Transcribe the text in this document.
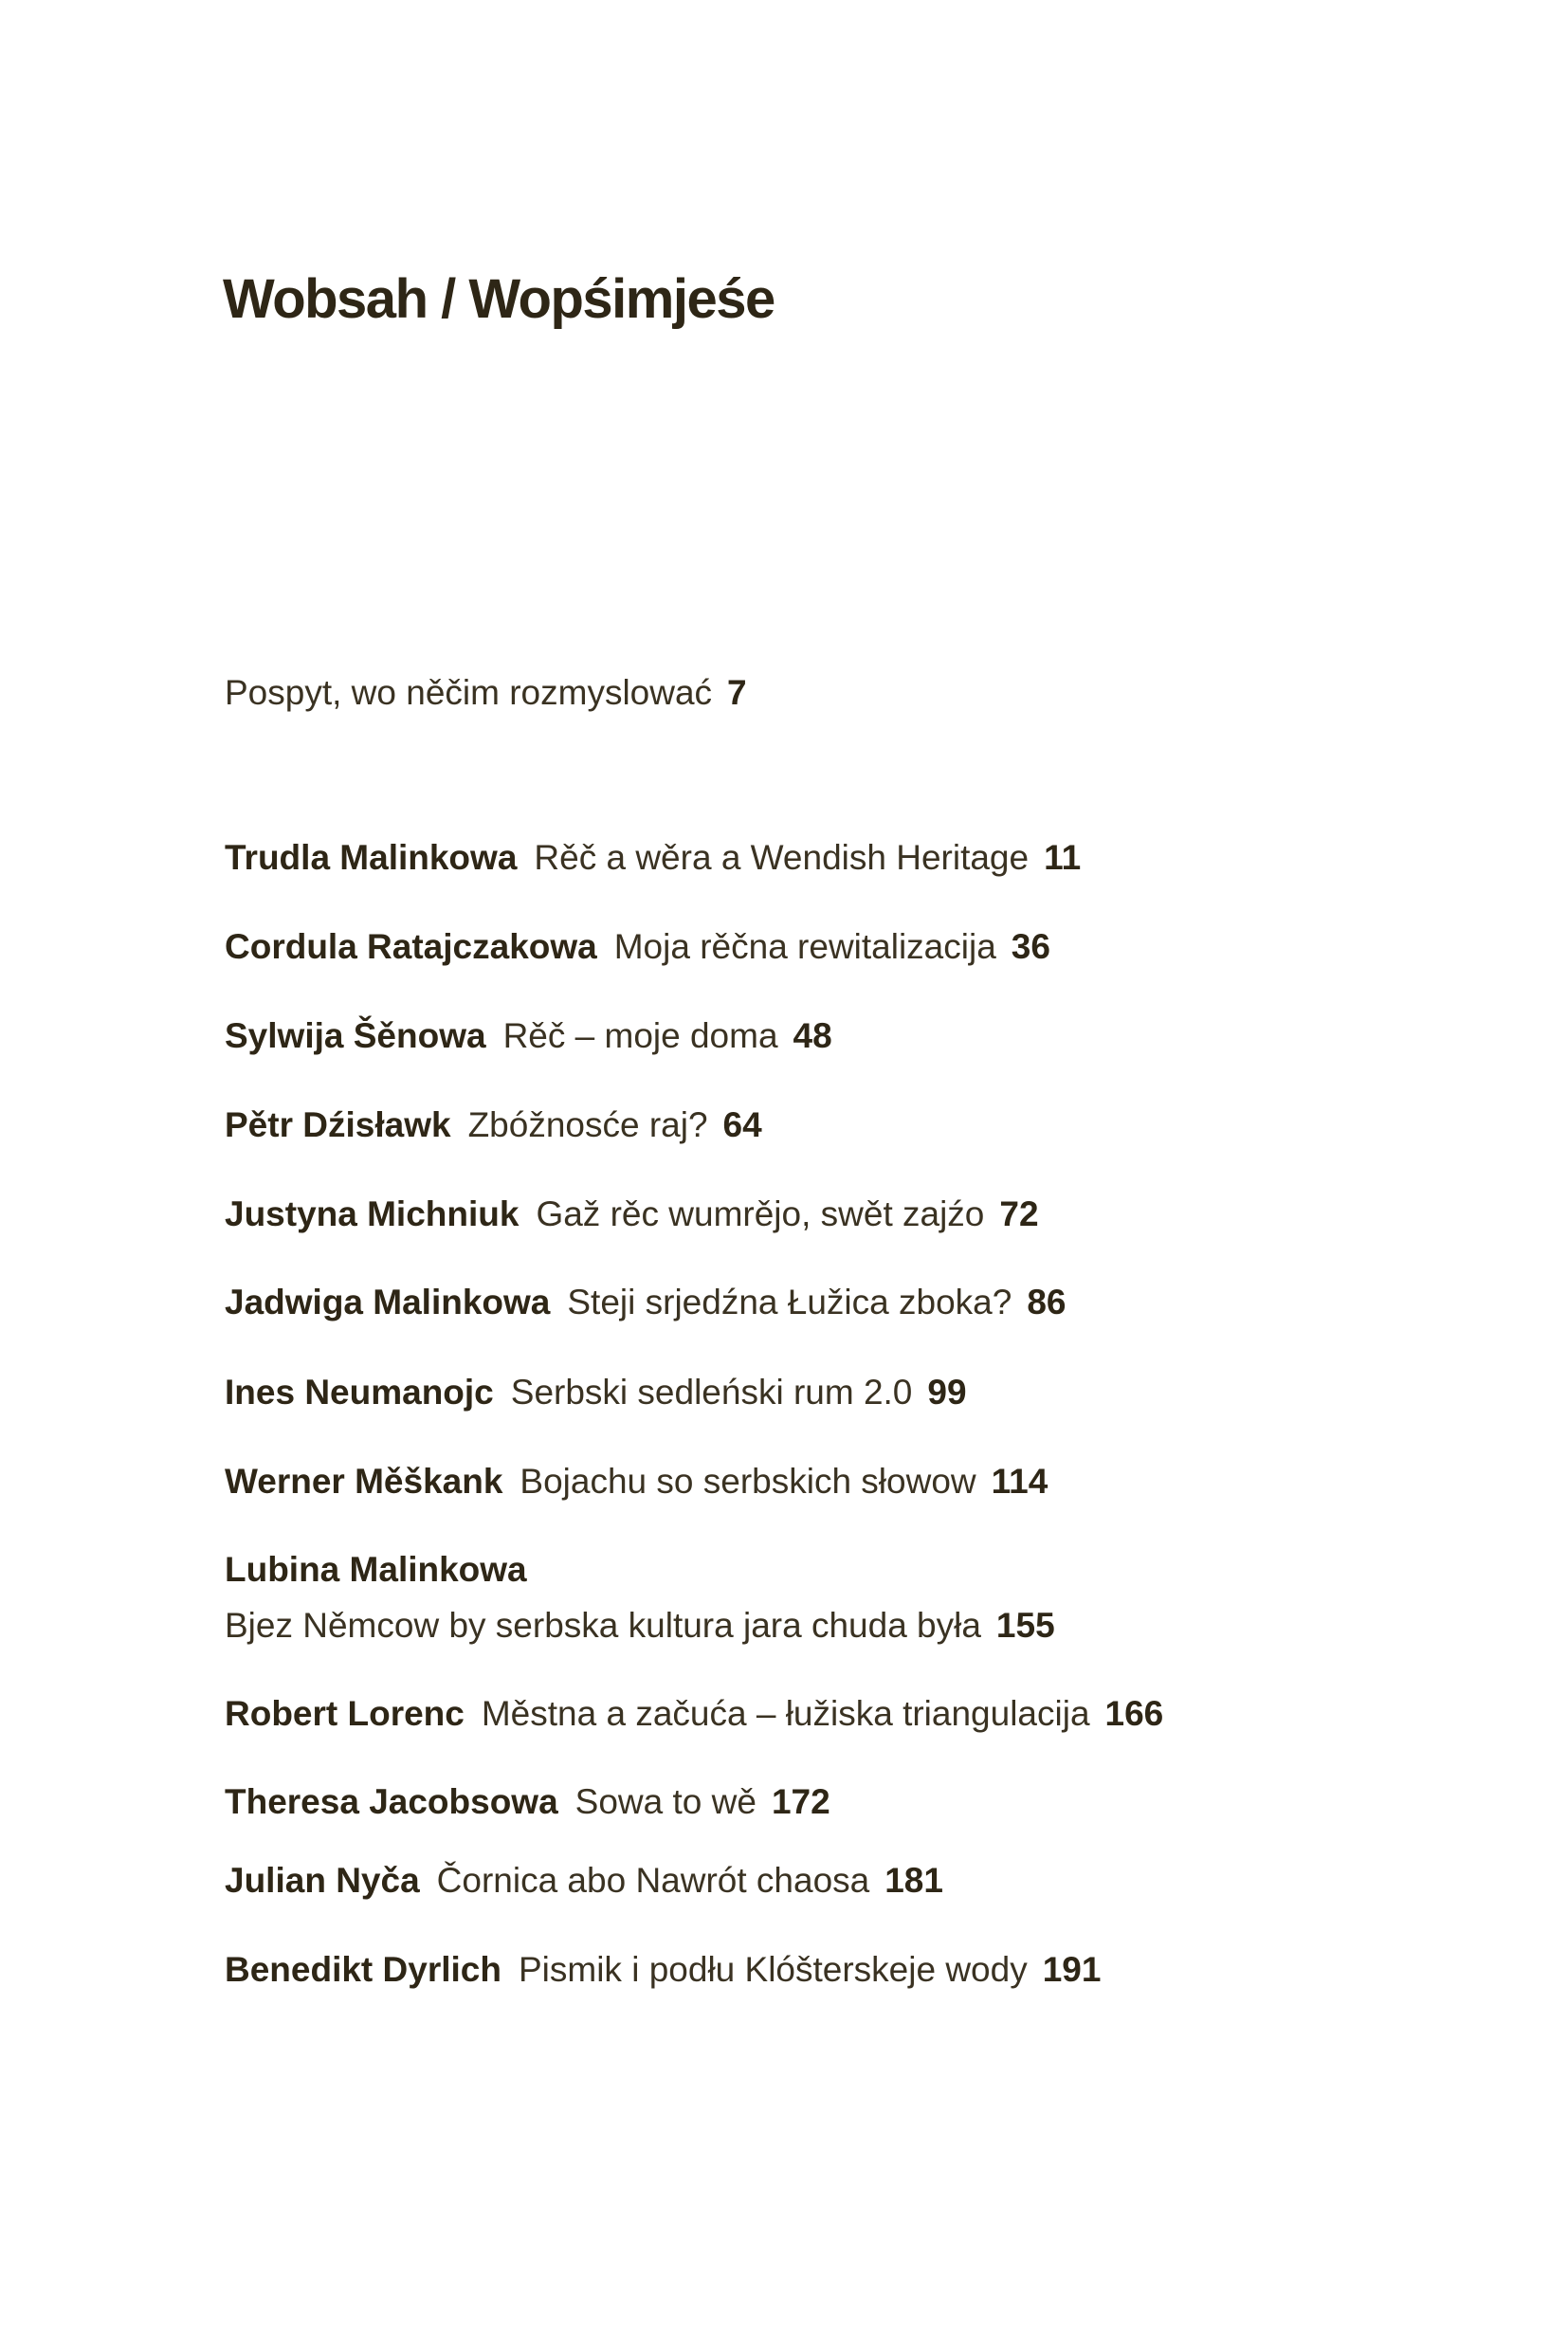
Wobsah / Wopśimjeśe
Pospyt, wo něčim rozmyslować 7
Trudla Malinkowa Rěč a wěra a Wendish Heritage 11
Cordula Ratajczakowa Moja rěčna rewitalizacija 36
Sylwija Šěnowa Rěč – moje doma 48
Pětr Dźisławk Zbóžnosće raj? 64
Justyna Michniuk Gaž rěc wumrějo, swět zajźo 72
Jadwiga Malinkowa Steji srjedźna Łužica zboka? 86
Ines Neumanojc Serbski sedleński rum 2.0 99
Werner Měškank Bojachu so serbskich słowow 114
Lubina Malinkowa
Bjez Němcow by serbska kultura jara chuda była 155
Robert Lorenc Městna a začuća – łužiska triangulacija 166
Theresa Jacobsowa Sowa to wě 172
Julian Nyča Čornica abo Nawrót chaosa 181
Benedikt Dyrlich Pismik i podłu Klóšterskeje wody 191
